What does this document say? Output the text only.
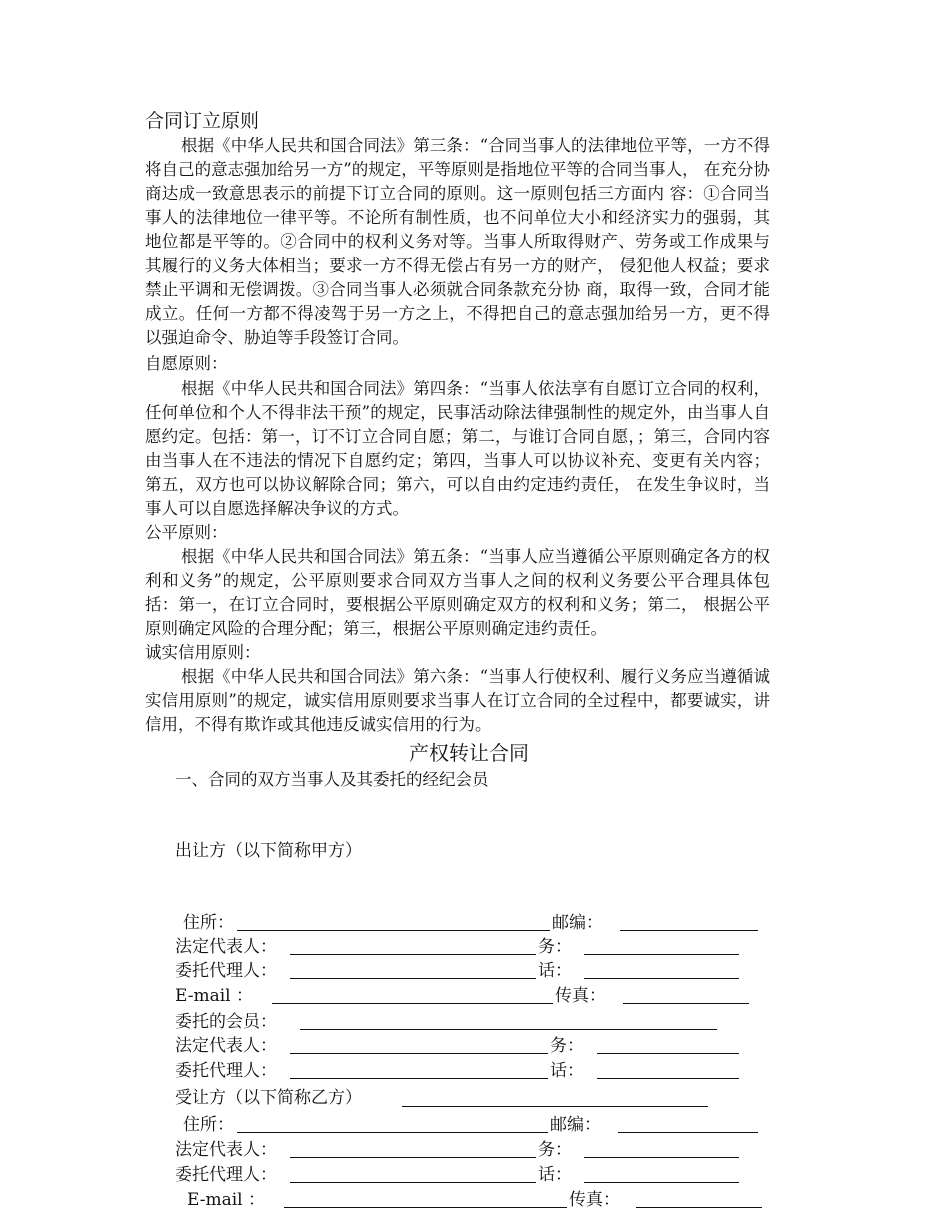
合同订立原则

根据《中华人民共和国合同法》第三条：“合同当事人的法律地位平等，一方不得将自己的意志强加给另一方”的规定，平等原则是指地位平等的合同当事人， 在充分协商达成一致意思表示的前提下订立合同的原则。这一原则包括三方面内 容：①合同当事人的法律地位一律平等。不论所有制性质，也不问单位大小和经济实力的强弱，其地位都是平等的。②合同中的权利义务对等。当事人所取得财产、劳务或工作成果与其履行的义务大体相当；要求一方不得无偿占有另一方的财产， 侵犯他人权益；要求禁止平调和无偿调拨。③合同当事人必须就合同条款充分协 商，取得一致，合同才能成立。任何一方都不得凌驾于另一方之上，不得把自己的意志强加给另一方，更不得以强迫命令、胁迫等手段签订合同。

自愿原则：

根据《中华人民共和国合同法》第四条：“当事人依法享有自愿订立合同的权利，任何单位和个人不得非法干预”的规定，民事活动除法律强制性的规定外，由当事人自愿约定。包括：第一，订不订立合同自愿；第二，与谁订合同自愿，；第三，合同内容由当事人在不违法的情况下自愿约定；第四，当事人可以协议补充、变更有关内容；第五，双方也可以协议解除合同；第六，可以自由约定违约责任， 在发生争议时，当事人可以自愿选择解决争议的方式。

公平原则：

根据《中华人民共和国合同法》第五条：“当事人应当遵循公平原则确定各方的权利和义务”的规定，公平原则要求合同双方当事人之间的权利义务要公平合理具体包括：第一，在订立合同时，要根据公平原则确定双方的权利和义务；第二， 根据公平原则确定风险的合理分配；第三，根据公平原则确定违约责任。

诚实信用原则：

根据《中华人民共和国合同法》第六条：“当事人行使权利、履行义务应当遵循诚实信用原则”的规定，诚实信用原则要求当事人在订立合同的全过程中，都要诚实，讲信用，不得有欺诈或其他违反诚实信用的行为。

产权转让合同
一、合同的双方当事人及其委托的经纪会员
出让方（以下简称甲方）
住所：	邮编：
法定代表人：	务：
委托代理人：	话：
E-mail ：	传真：
委托的会员：
法定代表人：	务：
委托代理人：	话：
受让方（以下简称乙方）
住所：	邮编：
法定代表人：	务：
委托代理人：	话：
E-mail ：	传真：
